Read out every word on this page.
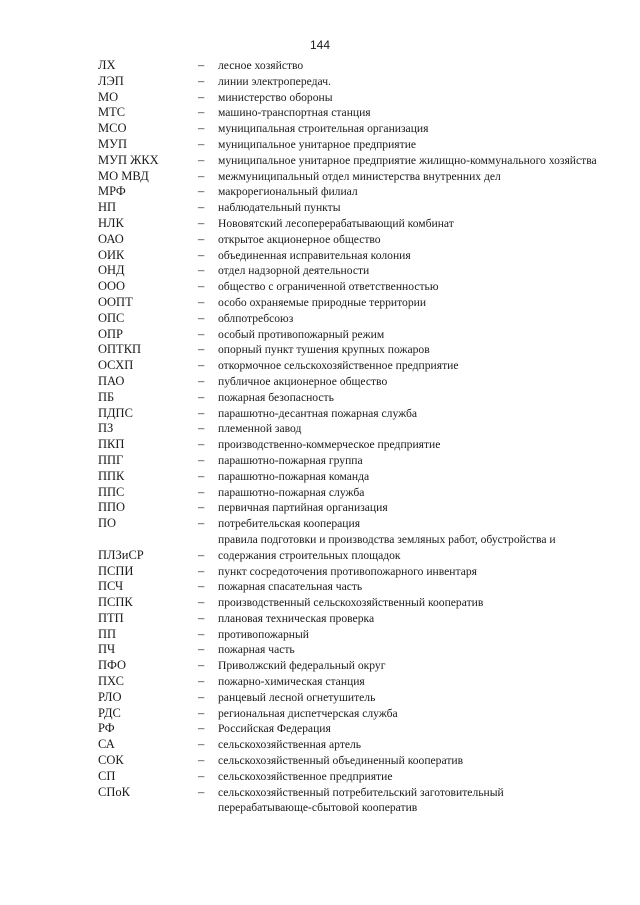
144
ЛХ	–	лесное хозяйство
ЛЭП	–	линии электропередач.
МО	–	министерство обороны
МТС	–	машино-транспортная станция
МСО	–	муниципальная строительная организация
МУП	–	муниципальное унитарное предприятие
МУП ЖКХ	–	муниципальное унитарное предприятие жилищно-коммунального хозяйства
МО МВД	–	межмуниципальный отдел министерства внутренних дел
МРФ	–	макрорегиональный филиал
НП	–	наблюдательный пункты
НЛК	–	Нововятский лесоперерабатывающий комбинат
ОАО	–	открытое акционерное общество
ОИК	–	объединенная исправительная колония
ОНД	–	отдел надзорной деятельности
ООО	–	общество с ограниченной ответственностью
ООПТ	–	особо охраняемые природные территории
ОПС	–	облпотребсоюз
ОПР	–	особый противопожарный режим
ОПТКП	–	опорный пункт тушения крупных пожаров
ОСХП	–	откормочное сельскохозяйственное предприятие
ПАО	–	публичное акционерное общество
ПБ	–	пожарная безопасность
ПДПС	–	парашютно-десантная пожарная служба
ПЗ	–	племенной завод
ПКП	–	производственно-коммерческое предприятие
ППГ	–	парашютно-пожарная группа
ППК	–	парашютно-пожарная команда
ППС	–	парашютно-пожарная служба
ППО	–	первичная партийная организация
ПО	–	потребительская кооперация
ПЛЗиСР	–
правила подготовки и производства земляных работ, обустройства и содержания строительных площадок
ПСПИ	–	пункт сосредоточения противопожарного инвентаря
ПСЧ	–	пожарная спасательная часть
ПСПК	–	производственный сельскохозяйственный кооператив
ПТП	–	плановая техническая проверка
ПП	–	противопожарный
ПЧ	–	пожарная часть
ПФО	–	Приволжский федеральный округ
ПХС	–	пожарно-химическая станция
РЛО	–	ранцевый лесной огнетушитель
РДС	–	региональная диспетчерская служба
РФ	–	Российская Федерация
СА	–	сельскохозяйственная артель
СОК	–	сельскохозяйственный объединенный кооператив
СП	–	сельскохозяйственное предприятие
СПоК	–	сельскохозяйственный потребительский заготовительный перерабатывающе-сбытовой кооператив
